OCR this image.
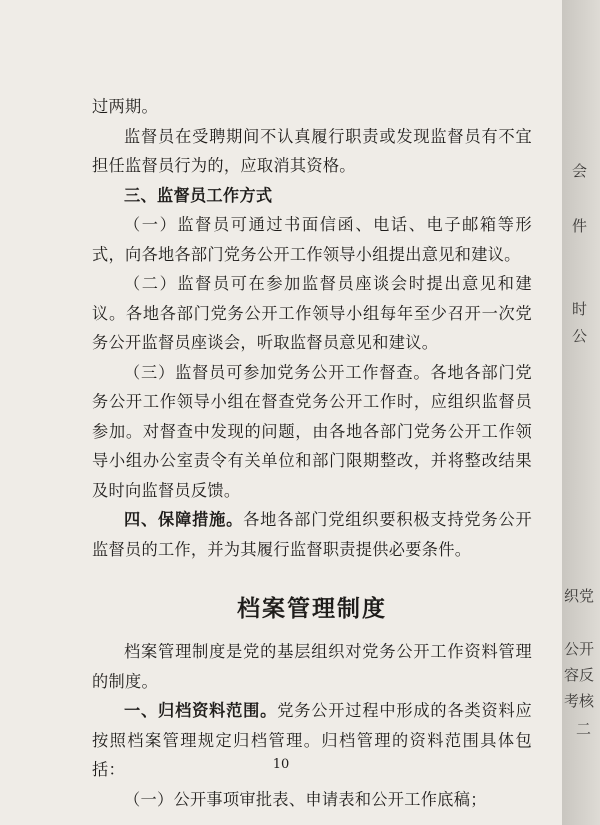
过两期。

监督员在受聘期间不认真履行职责或发现监督员有不宜担任监督员行为的，应取消其资格。

三、监督员工作方式

（一）监督员可通过书面信函、电话、电子邮箱等形式，向各地各部门党务公开工作领导小组提出意见和建议。

（二）监督员可在参加监督员座谈会时提出意见和建议。各地各部门党务公开工作领导小组每年至少召开一次党务公开监督员座谈会，听取监督员意见和建议。

（三）监督员可参加党务公开工作督查。各地各部门党务公开工作领导小组在督查党务公开工作时，应组织监督员参加。对督查中发现的问题，由各地各部门党务公开工作领导小组办公室责令有关单位和部门限期整改，并将整改结果及时向监督员反馈。

四、保障措施。各地各部门党组织要积极支持党务公开监督员的工作，并为其履行监督职责提供必要条件。

档案管理制度

档案管理制度是党的基层组织对党务公开工作资料管理的制度。

一、归档资料范围。党务公开过程中形成的各类资料应按照档案管理规定归档管理。归档管理的资料范围具体包括：

（一）公开事项审批表、申请表和公开工作底稿；

10
会
件
时
公
织党
公开
容反
考核
二
